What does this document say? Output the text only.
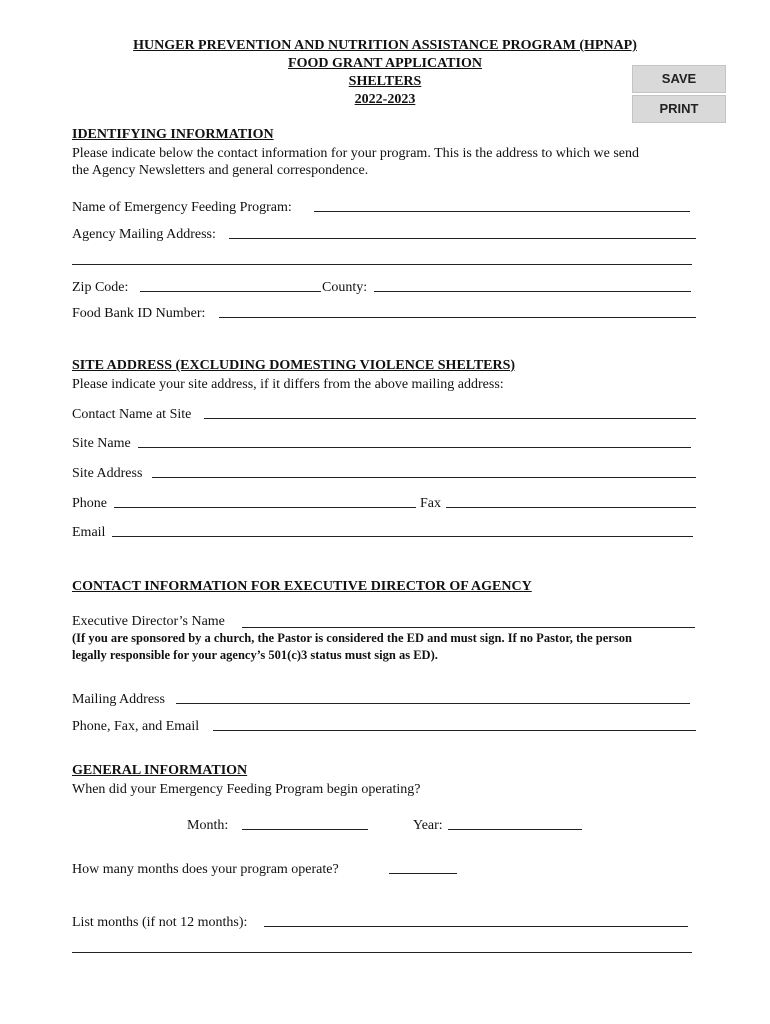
HUNGER PREVENTION AND NUTRITION ASSISTANCE PROGRAM (HPNAP)
FOOD GRANT APPLICATION
SHELTERS
2022-2023
SAVE
PRINT
IDENTIFYING INFORMATION
Please indicate below the contact information for your program. This is the address to which we send
the Agency Newsletters and general correspondence.
Name of Emergency Feeding Program:
Agency Mailing Address:
Zip Code:	County:
Food Bank ID Number:
SITE ADDRESS (EXCLUDING DOMESTING VIOLENCE SHELTERS)
Please indicate your site address, if it differs from the above mailing address:
Contact Name at Site
Site Name
Site Address
Phone	Fax
Email
CONTACT INFORMATION FOR EXECUTIVE DIRECTOR OF AGENCY
Executive Director’s Name
(If you are sponsored by a church, the Pastor is considered the ED and must sign. If no Pastor, the person
legally responsible for your agency’s 501(c)3 status must sign as ED).
Mailing Address
Phone, Fax, and Email
GENERAL INFORMATION
When did your Emergency Feeding Program begin operating?
Month:	Year:
How many months does your program operate?
List months (if not 12 months):
